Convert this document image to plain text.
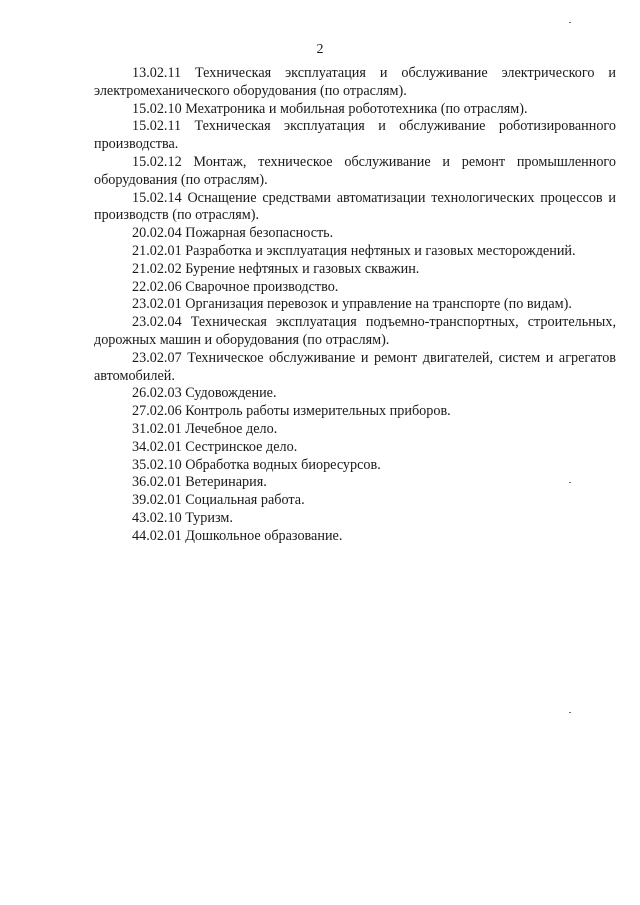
2

13.02.11 Техническая эксплуатация и обслуживание электрического и электромеханического оборудования (по отраслям).

15.02.10 Мехатроника и мобильная робототехника (по отраслям).

15.02.11 Техническая эксплуатация и обслуживание роботизированного производства.

15.02.12 Монтаж, техническое обслуживание и ремонт промышленного оборудования (по отраслям).

15.02.14 Оснащение средствами автоматизации технологических процессов и производств (по отраслям).

20.02.04 Пожарная безопасность.

21.02.01 Разработка и эксплуатация нефтяных и газовых месторождений.

21.02.02 Бурение нефтяных и газовых скважин.

22.02.06 Сварочное производство.

23.02.01 Организация перевозок и управление на транспорте (по видам).

23.02.04 Техническая эксплуатация подъемно-транспортных, строительных, дорожных машин и оборудования (по отраслям).

23.02.07 Техническое обслуживание и ремонт двигателей, систем и агрегатов автомобилей.

26.02.03 Судовождение.

27.02.06 Контроль работы измерительных приборов.

31.02.01 Лечебное дело.

34.02.01 Сестринское дело.

35.02.10 Обработка водных биоресурсов.

36.02.01 Ветеринария.

39.02.01 Социальная работа.

43.02.10 Туризм.

44.02.01 Дошкольное образование.
